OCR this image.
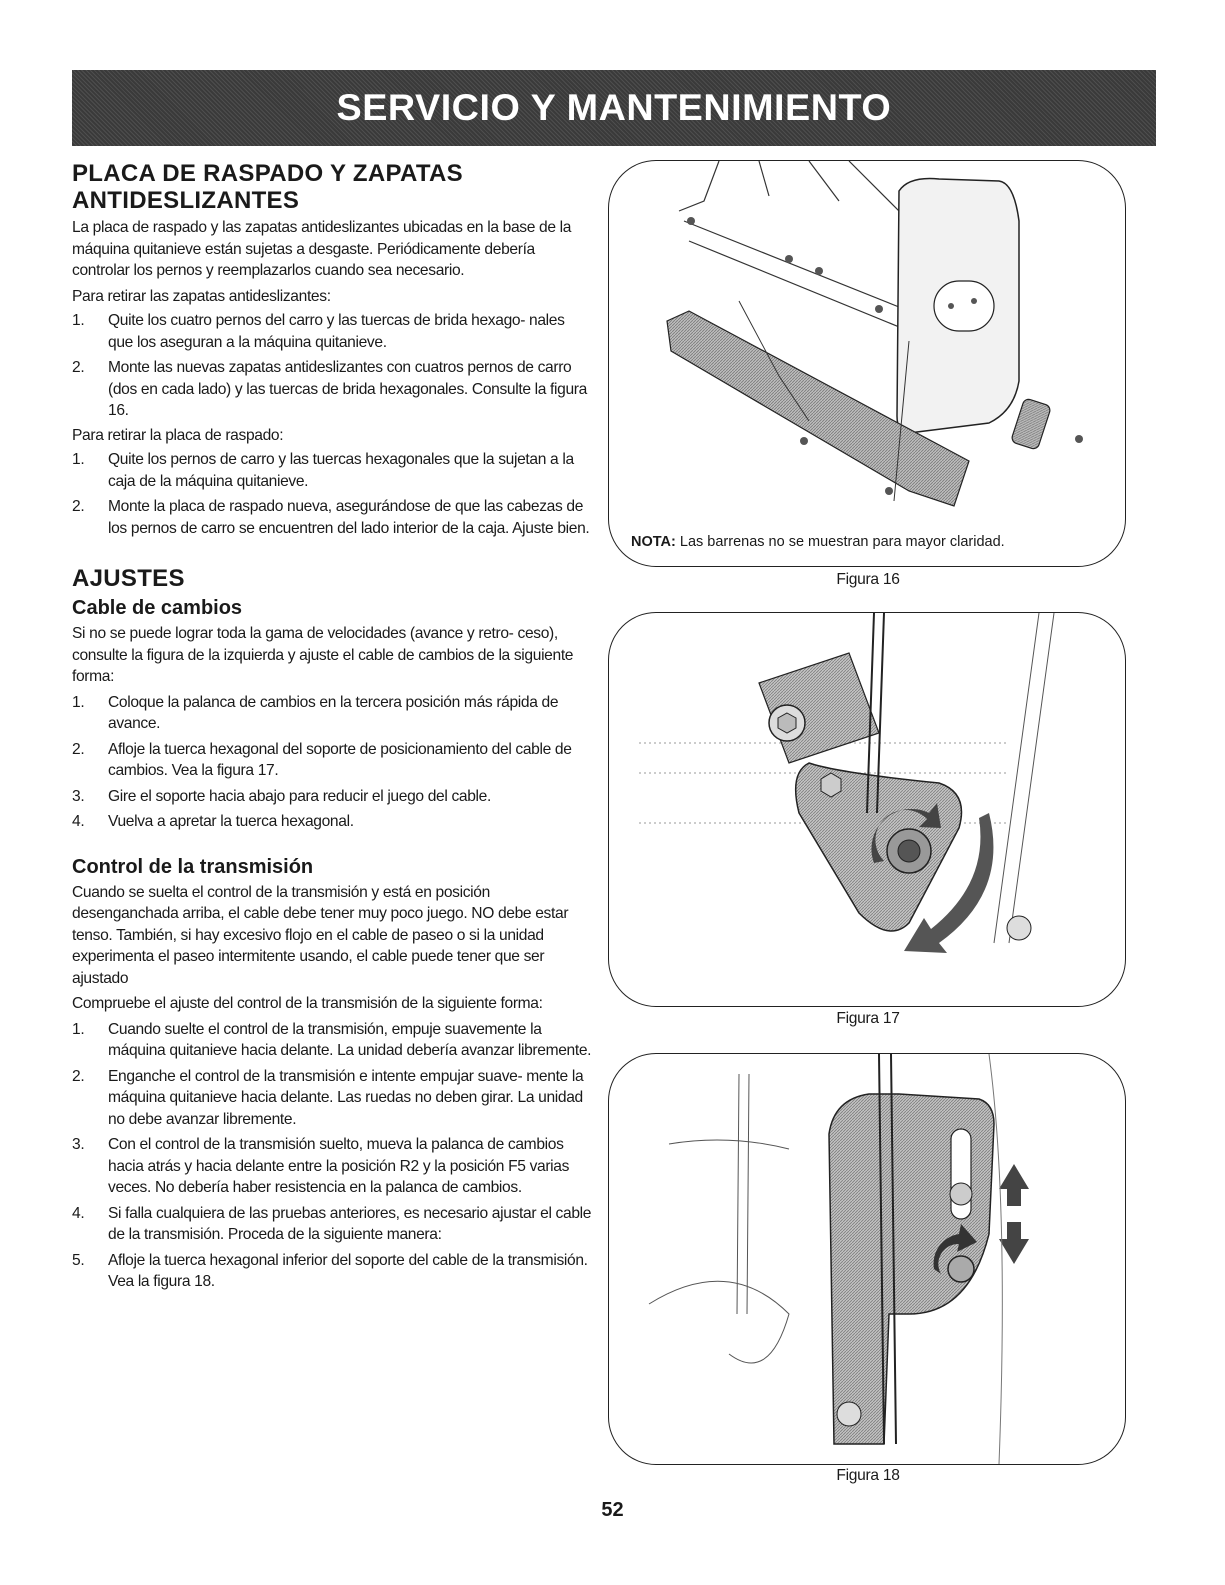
SERVICIO Y MANTENIMIENTO
PLACA DE RASPADO Y ZAPATAS
ANTIDESLIZANTES

La placa de raspado y las zapatas antideslizantes ubicadas en la base de la máquina quitanieve están sujetas a desgaste. Periódicamente debería controlar los pernos y reemplazarlos cuando sea necesario.

Para retirar las zapatas antideslizantes:

1. Quite los cuatro pernos del carro y las tuercas de brida hexago- nales que los aseguran a la máquina quitanieve.
2. Monte las nuevas zapatas antideslizantes con cuatros pernos de carro (dos en cada lado) y las tuercas de brida hexagonales. Consulte la figura 16.

Para retirar la placa de raspado:

1. Quite los pernos de carro y las tuercas hexagonales que la sujetan a la caja de la máquina quitanieve.
2. Monte la placa de raspado nueva, asegurándose de que las cabezas de los pernos de carro se encuentren del lado interior de la caja. Ajuste bien.
AJUSTES
Cable de cambios

Si no se puede lograr toda la gama de velocidades (avance y retro- ceso), consulte la figura de la izquierda y ajuste el cable de cambios de la siguiente forma:

1. Coloque la palanca de cambios en la tercera posición más rápida de avance.
2. Afloje la tuerca hexagonal del soporte de posicionamiento del cable de cambios. Vea la figura 17.
3. Gire el soporte hacia abajo para reducir el juego del cable.
4. Vuelva a apretar la tuerca hexagonal.
Control de la transmisión

Cuando se suelta el control de la transmisión y está en posición desenganchada arriba, el cable debe tener muy poco juego. NO debe estar tenso. También, si hay excesivo flojo en el cable de paseo o si la unidad experimenta el paseo intermitente usando, el cable puede tener que ser ajustado

Compruebe el ajuste del control de la transmisión de la siguiente forma:

1. Cuando suelte el control de la transmisión, empuje suavemente la máquina quitanieve hacia delante. La unidad debería avanzar libremente.
2. Enganche el control de la transmisión e intente empujar suave- mente la máquina quitanieve hacia delante. Las ruedas no deben girar. La unidad no debe avanzar libremente.
3. Con el control de la transmisión suelto, mueva la palanca de cambios hacia atrás y hacia delante entre la posición R2 y la posición F5 varias veces. No debería haber resistencia en la palanca de cambios.
4. Si falla cualquiera de las pruebas anteriores, es necesario ajustar el cable de la transmisión. Proceda de la siguiente manera:
5. Afloje la tuerca hexagonal inferior del soporte del cable de la transmisión. Vea la figura 18.
NOTA: Las barrenas no se muestran para mayor claridad.
Figura 16
Figura 17
Figura 18
52
